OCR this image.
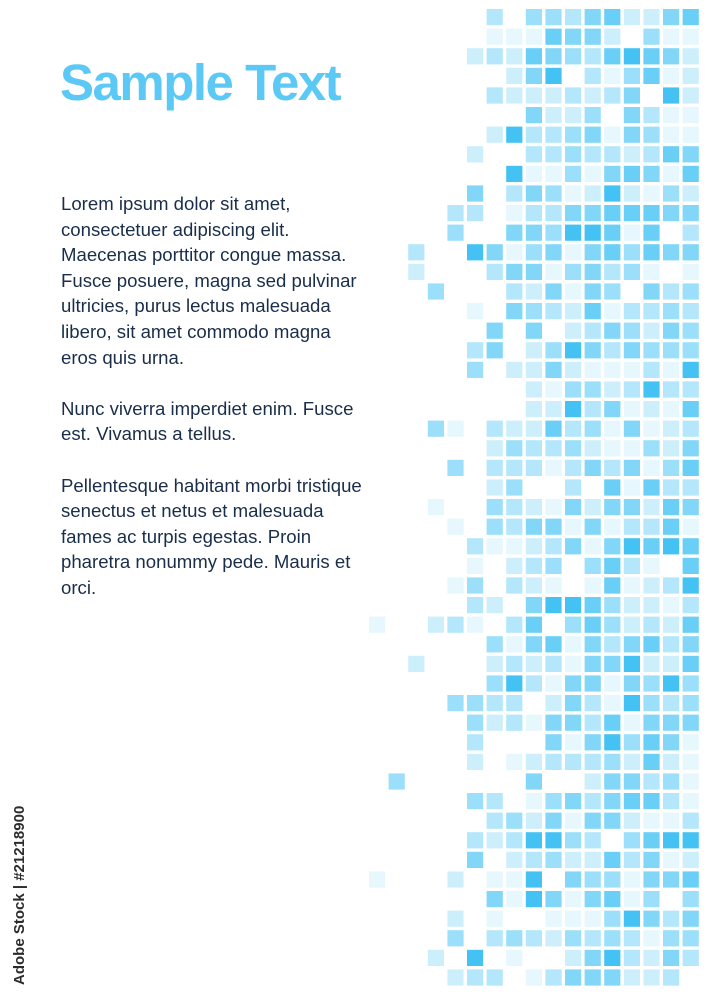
Sample Text

Lorem ipsum dolor sit amet, consectetuer adipiscing elit. Maecenas porttitor congue massa. Fusce posuere, magna sed pulvinar ultricies, purus lectus malesuada libero, sit amet commodo magna eros quis urna.

Nunc viverra imperdiet enim. Fusce est. Vivamus a tellus.

Pellentesque habitant morbi tristique senectus et netus et malesuada fames ac turpis egestas. Proin pharetra nonummy pede. Mauris et orci.

Adobe Stock | #21218900
